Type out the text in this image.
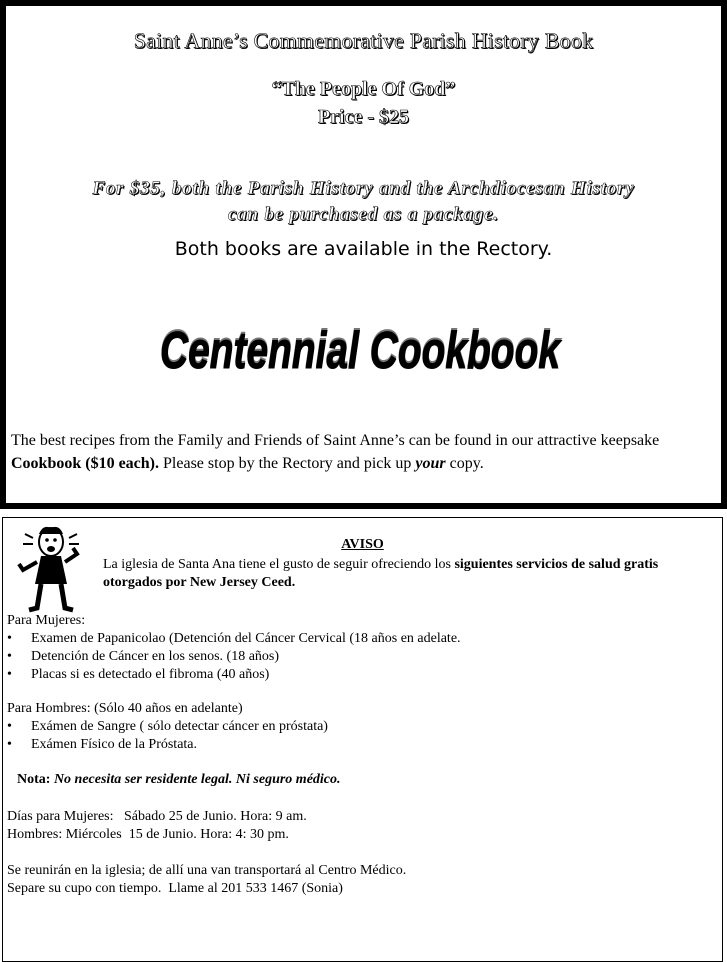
Saint Anne’s Commemorative Parish History Book
“The People Of God”
Price - $25
For $35, both the Parish History and the Archdiocesan History
can be purchased as a package.
Both books are available in the Rectory.
Centennial Cookbook
Centennial Cookbook
The best recipes from the Family and Friends of Saint Anne’s can be found in our attractive keepsake Cookbook ($10 each). Please stop by the Rectory and pick up your copy.
AVISO
La iglesia de Santa Ana tiene el gusto de seguir ofreciendo los siguientes servicios de salud gratis otorgados por New Jersey Ceed.
Para Mujeres:
• Examen de Papanicolao (Detención del Cáncer Cervical (18 años en adelate.
• Detención de Cáncer en los senos. (18 años)
• Placas si es detectado el fibroma (40 años)
Para Hombres: (Sólo 40 años en adelante)
• Exámen de Sangre ( sólo detectar cáncer en próstata)
• Exámen Físico de la Próstata.
Nota: No necesita ser residente legal. Ni seguro médico.
Días para Mujeres:   Sábado 25 de Junio. Hora: 9 am.
Hombres: Miércoles  15 de Junio. Hora: 4: 30 pm.
Se reunirán en la iglesia; de allí una van transportará al Centro Médico.
Separe su cupo con tiempo.  Llame al 201 533 1467 (Sonia)
